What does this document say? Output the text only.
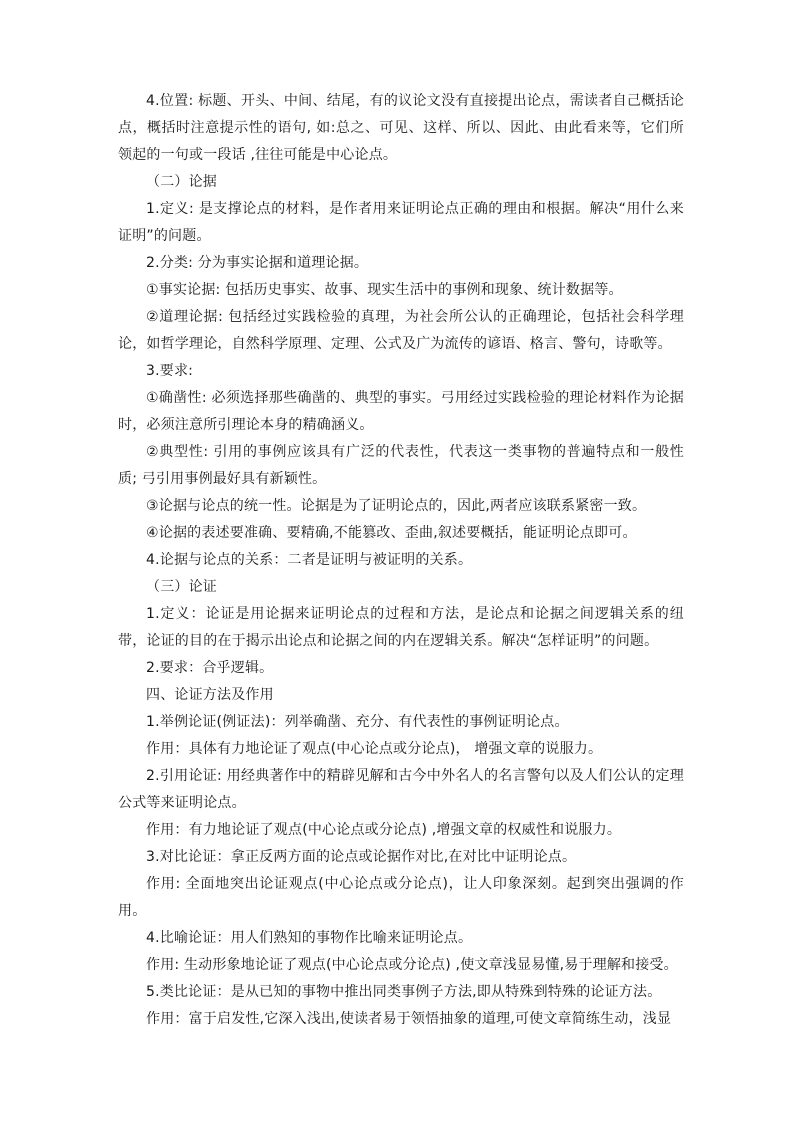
4.位置: 标题、开头、中间、结尾，有的议论文没有直接提出论点，需读者自己概括论点，概括时注意提示性的语句, 如:总之、可见、这样、所以、因此、由此看来等，它们所领起的一句或一段话 ,往往可能是中心论点。

（二）论据

1.定义: 是支撑论点的材料，是作者用来证明论点正确的理由和根据。解决“用什么来证明”的问题。

2.分类: 分为事实论据和道理论据。

①事实论据: 包括历史事实、故事、现实生活中的事例和现象、统计数据等。

②道理论据: 包括经过实践检验的真理，为社会所公认的正确理论，包括社会科学理论，如哲学理论，自然科学原理、定理、公式及广为流传的谚语、格言、警句，诗歌等。

3.要求:

①确凿性: 必须选择那些确凿的、典型的事实。弓用经过实践检验的理论材料作为论据时，必须注意所引理论本身的精确涵义。

②典型性: 引用的事例应该具有广泛的代表性，代表这一类事物的普遍特点和一般性质; 弓引用事例最好具有新颖性。

③论据与论点的统一性。论据是为了证明论点的，因此,两者应该联系紧密一致。

④论据的表述要准确、要精确,不能篡改、歪曲,叙述要概括，能证明论点即可。

4.论据与论点的关系：二者是证明与被证明的关系。

（三）论证

1.定义：论证是用论据来证明论点的过程和方法，是论点和论据之间逻辑关系的纽带，论证的目的在于揭示出论点和论据之间的内在逻辑关系。解决“怎样证明”的问题。

2.要求：合乎逻辑。

四、论证方法及作用

1.举例论证(例证法)：列举确凿、充分、有代表性的事例证明论点。

作用：具体有力地论证了观点(中心论点或分论点)， 增强文章的说服力。

2.引用论证: 用经典著作中的精辟见解和古今中外名人的名言警句以及人们公认的定理公式等来证明论点。

作用：有力地论证了观点(中心论点或分论点) ,增强文章的权威性和说服力。

3.对比论证：拿正反两方面的论点或论据作对比,在对比中证明论点。

作用: 全面地突出论证观点(中心论点或分论点)，让人印象深刻。起到突出强调的作用。

4.比喻论证：用人们熟知的事物作比喻来证明论点。

作用: 生动形象地论证了观点(中心论点或分论点) ,使文章浅显易懂,易于理解和接受。

5.类比论证：是从已知的事物中推出同类事例子方法,即从特殊到特殊的论证方法。

作用：富于启发性,它深入浅出,使读者易于领悟抽象的道理,可使文章简练生动，浅显
